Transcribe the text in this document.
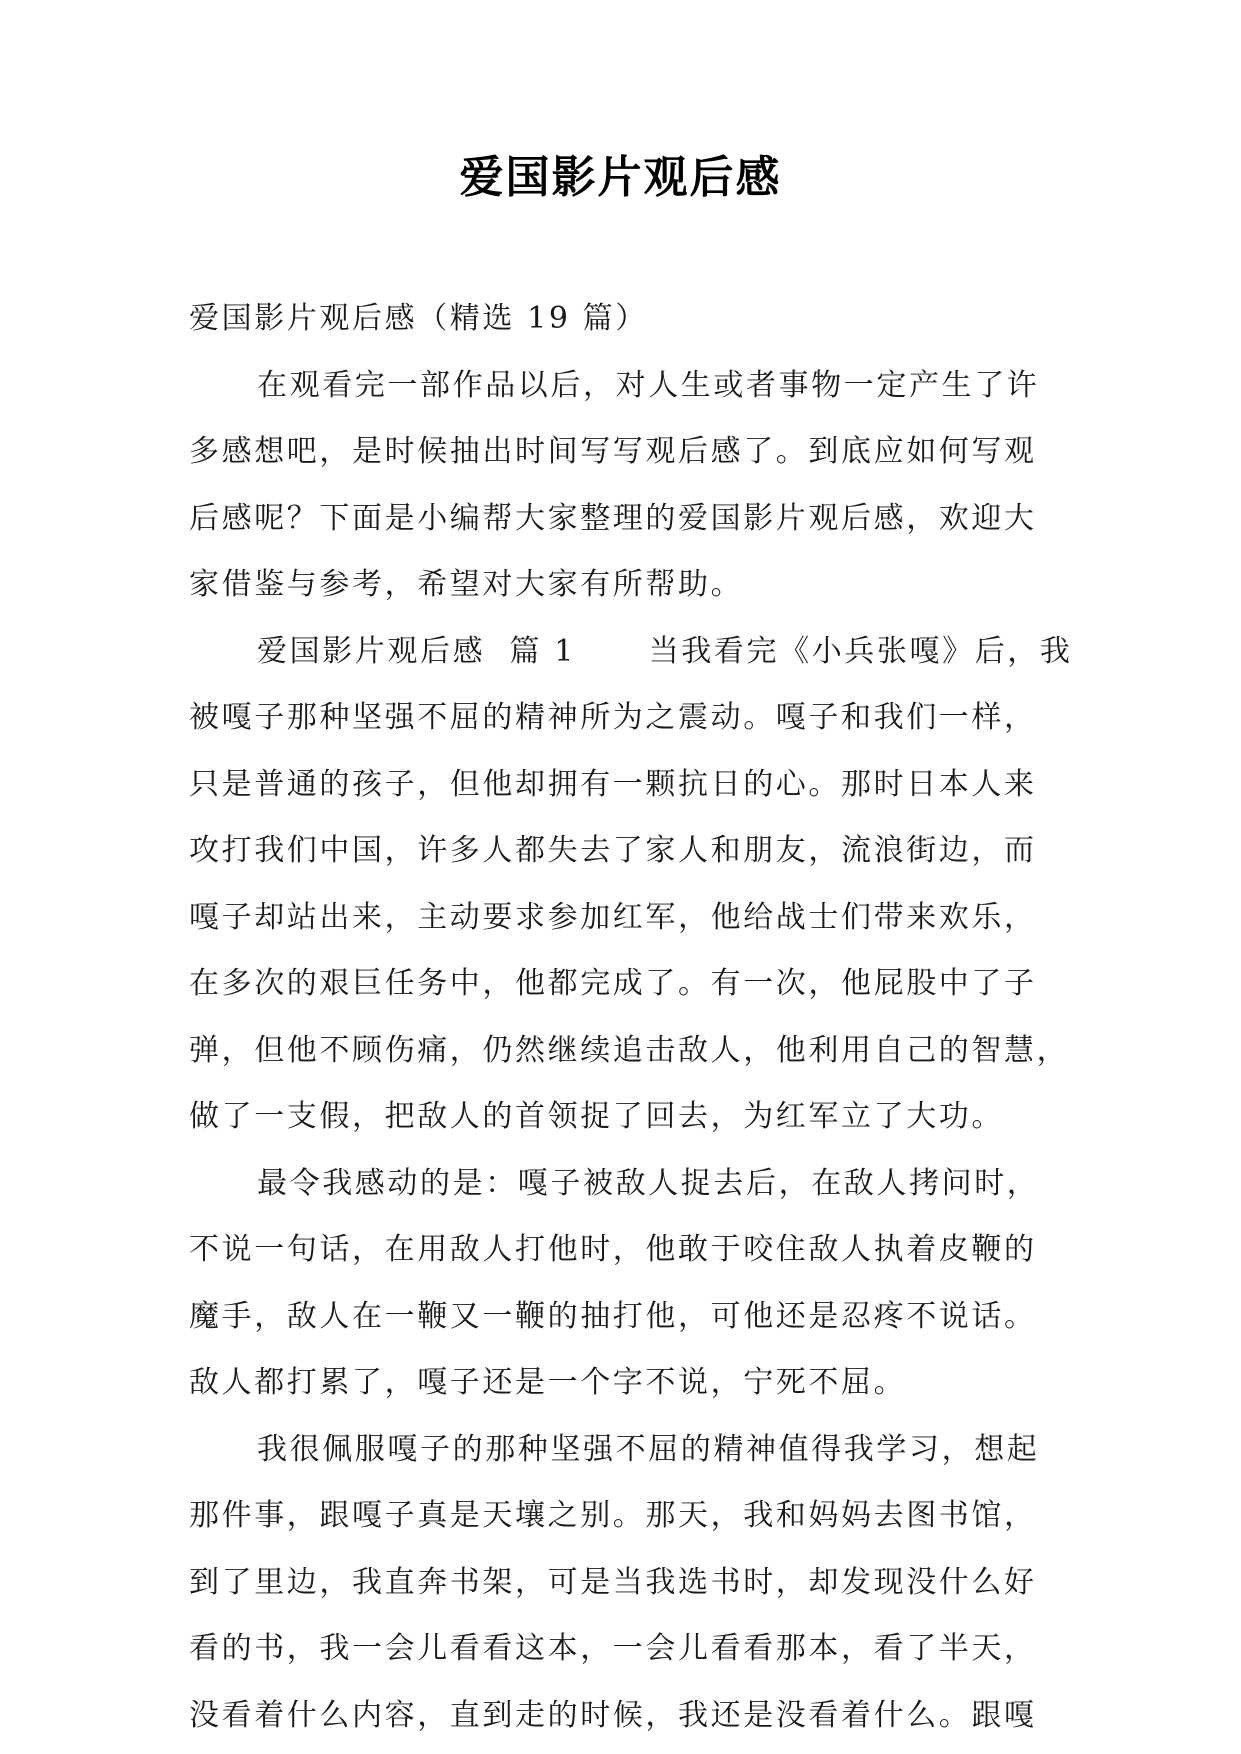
爱国影片观后感
爱国影片观后感（精选 19 篇）
在观看完一部作品以后，对人生或者事物一定产生了许
多感想吧，是时候抽出时间写写观后感了。到底应如何写观
后感呢？下面是小编帮大家整理的爱国影片观后感，欢迎大
家借鉴与参考，希望对大家有所帮助。
爱国影片观后感  篇 1      当我看完《小兵张嘎》后，我
被嘎子那种坚强不屈的精神所为之震动。嘎子和我们一样，
只是普通的孩子，但他却拥有一颗抗日的心。那时日本人来
攻打我们中国，许多人都失去了家人和朋友，流浪街边，而
嘎子却站出来，主动要求参加红军，他给战士们带来欢乐，
在多次的艰巨任务中，他都完成了。有一次，他屁股中了子
弹，但他不顾伤痛，仍然继续追击敌人，他利用自己的智慧，
做了一支假，把敌人的首领捉了回去，为红军立了大功。
最令我感动的是：嘎子被敌人捉去后，在敌人拷问时，
不说一句话，在用敌人打他时，他敢于咬住敌人执着皮鞭的
魔手，敌人在一鞭又一鞭的抽打他，可他还是忍疼不说话。
敌人都打累了，嘎子还是一个字不说，宁死不屈。
我很佩服嘎子的那种坚强不屈的精神值得我学习，想起
那件事，跟嘎子真是天壤之别。那天，我和妈妈去图书馆，
到了里边，我直奔书架，可是当我选书时，却发现没什么好
看的书，我一会儿看看这本，一会儿看看那本，看了半天，
没看着什么内容，直到走的时候，我还是没看着什么。跟嘎
